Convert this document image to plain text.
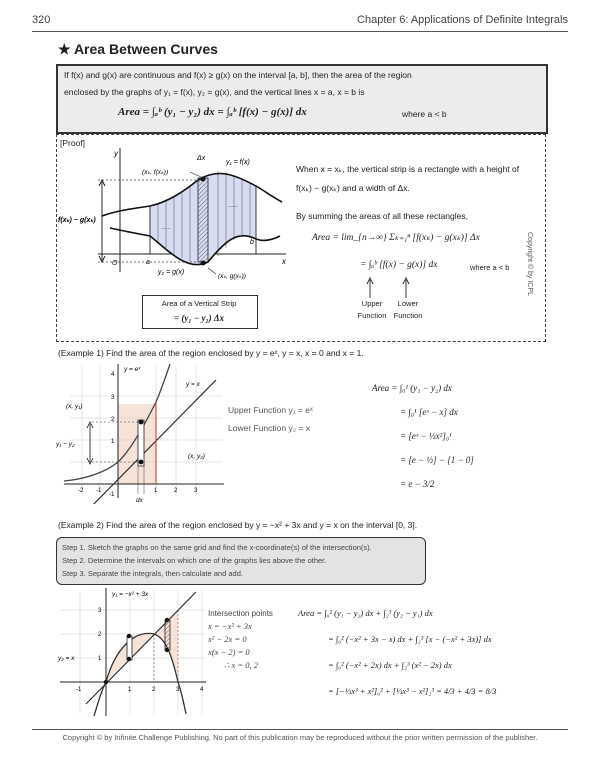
320	Chapter 6: Applications of Definite Integrals
★ Area Between Curves
If f(x) and g(x) are continuous and f(x) ≥ g(x) on the interval [a, b], then the area of the region
enclosed by the graphs of y₁ = f(x), y₂ = g(x), and the vertical lines x = a, x = b is
Area = ∫ₐᵇ (y₁ − y₂) dx = ∫ₐᵇ [f(x) − g(x)] dx	where a < b
[Proof]
y
x
O	a
b
Δx
y₁ = f(x)
y₂ = g(x)
(xₖ, f(xₖ))
(xₖ, g(xₖ))
f(xₖ) − g(xₖ)
·····
·····
Area of a Vertical Strip
= (y₁ − y₂) Δx
When x = xₖ, the vertical strip is a rectangle with a height of f(xₖ) − g(xₖ) and a width of Δx.
By summing the areas of all these rectangles,
Area = lim_{n→∞} Σₖ₌₁ⁿ [f(xₖ) − g(xₖ)] Δx
= ∫ₐᵇ [f(x) − g(x)] dx	where a < b
Upper Function
Lower Function
Copyright © by ICPL
(Example 1) Find the area of the region enclosed by y = eˣ, y = x, x = 0 and x = 1.
4
3
2
1
-1
-2 -1	1	2	3
y = eˣ
y = x
(x, y₁)
y₁ − y₂
(x, y₂)
dx
Upper Function y₁ = eˣ
Lower Function y₂ = x
Area = ∫₀¹ (y₁ − y₂) dx
= ∫₀¹ [eˣ − x] dx
= [eˣ − ½x²]₀¹
= [e − ½] − [1 − 0]
= e − 3/2
(Example 2) Find the area of the region enclosed by y = −x² + 3x and y = x on the interval [0, 3].
Step 1. Sketch the graphs on the same grid and find the x-coordinate(s) of the intersection(s).
Step 2. Determine the intervals on which one of the graphs lies above the other.
Step 3. Separate the integrals, then calculate and add.
3
2
1
-1	1	2	3	4
y₁ = −x² + 3x
y₂ = x
Intersection points
x = −x² + 3x
x² − 2x = 0
x(x − 2) = 0
∴ x = 0, 2
Area = ∫₀² (y₁ − y₂) dx + ∫₂³ (y₂ − y₁) dx
= ∫₀² (−x² + 3x − x) dx + ∫₂³ [x − (−x² + 3x)] dx
= ∫₀² (−x² + 2x) dx + ∫₂³ (x² − 2x) dx
= [−⅓x³ + x²]₀² + [⅓x³ − x²]₂³ = 4/3 + 4/3 = 8/3
Copyright © by Infinite Challenge Publishing. No part of this publication may be reproduced without the prior written permission of the publisher.
